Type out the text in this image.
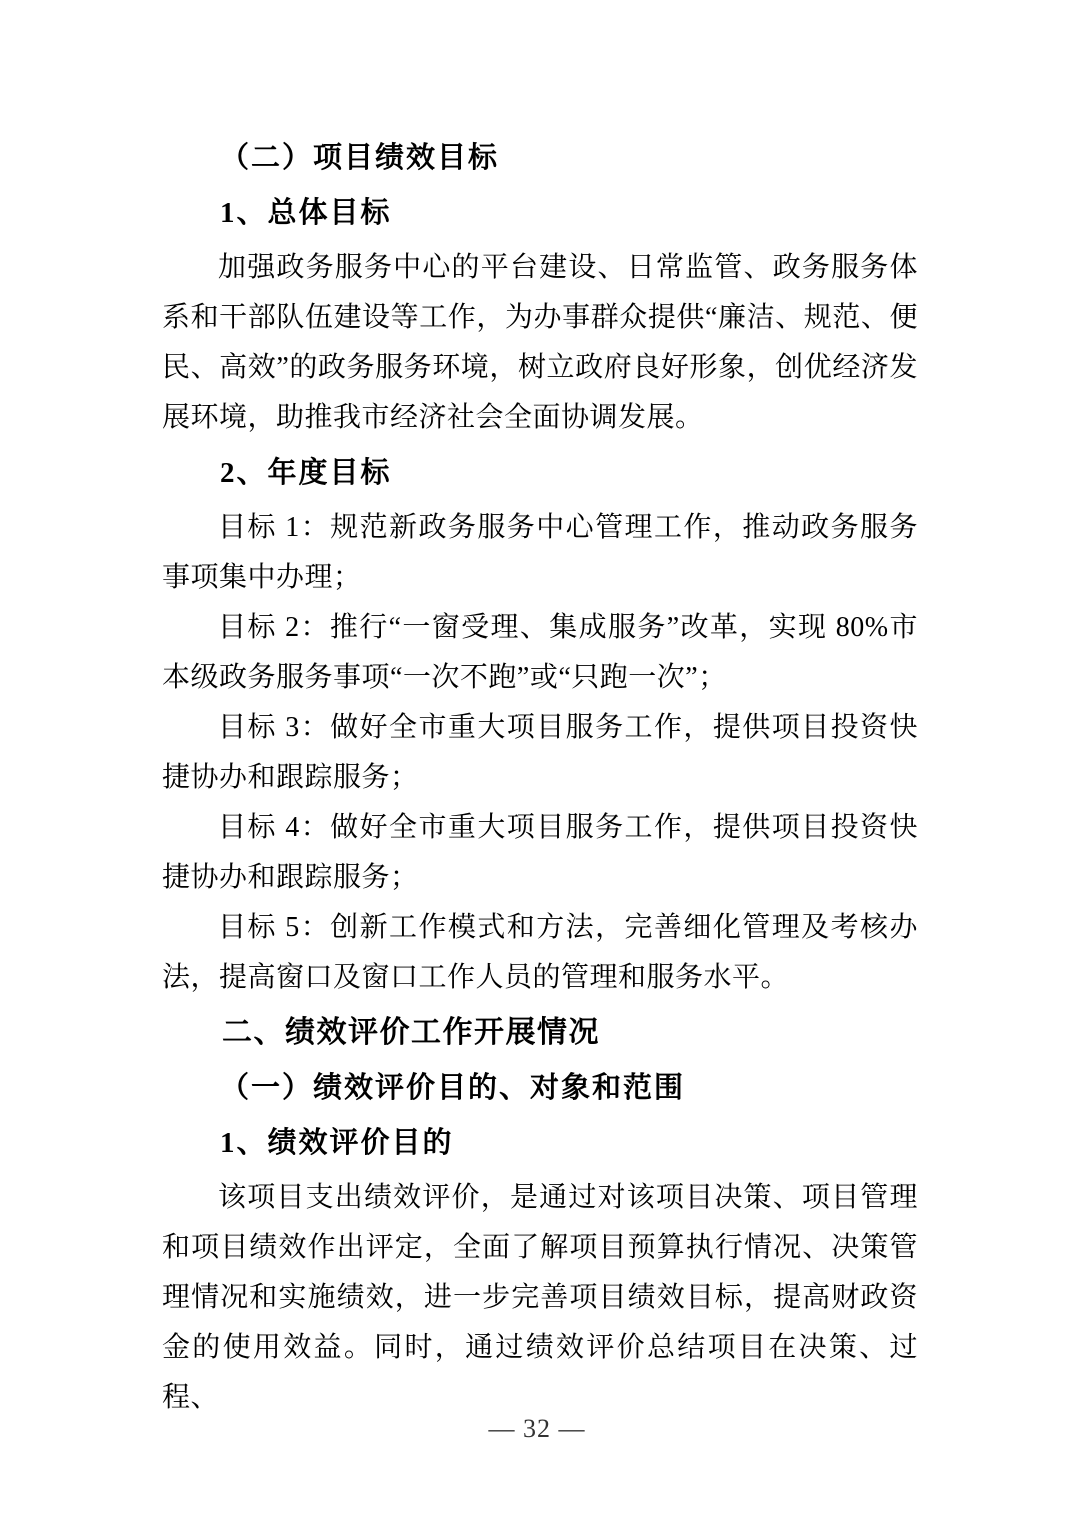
（二）项目绩效目标

1、总体目标

加强政务服务中心的平台建设、日常监管、政务服务体系和干部队伍建设等工作，为办事群众提供“廉洁、规范、便民、高效”的政务服务环境，树立政府良好形象，创优经济发展环境，助推我市经济社会全面协调发展。

2、年度目标

目标 1：规范新政务服务中心管理工作，推动政务服务事项集中办理；

目标 2：推行“一窗受理、集成服务”改革，实现 80%市本级政务服务事项“一次不跑”或“只跑一次”；

目标 3：做好全市重大项目服务工作，提供项目投资快捷协办和跟踪服务；

目标 4：做好全市重大项目服务工作，提供项目投资快捷协办和跟踪服务；

目标 5：创新工作模式和方法，完善细化管理及考核办法，提高窗口及窗口工作人员的管理和服务水平。

二、绩效评价工作开展情况

（一）绩效评价目的、对象和范围

1、绩效评价目的

该项目支出绩效评价，是通过对该项目决策、项目管理和项目绩效作出评定，全面了解项目预算执行情况、决策管理情况和实施绩效，进一步完善项目绩效目标，提高财政资金的使用效益。同时，通过绩效评价总结项目在决策、过程、

— 32 —
